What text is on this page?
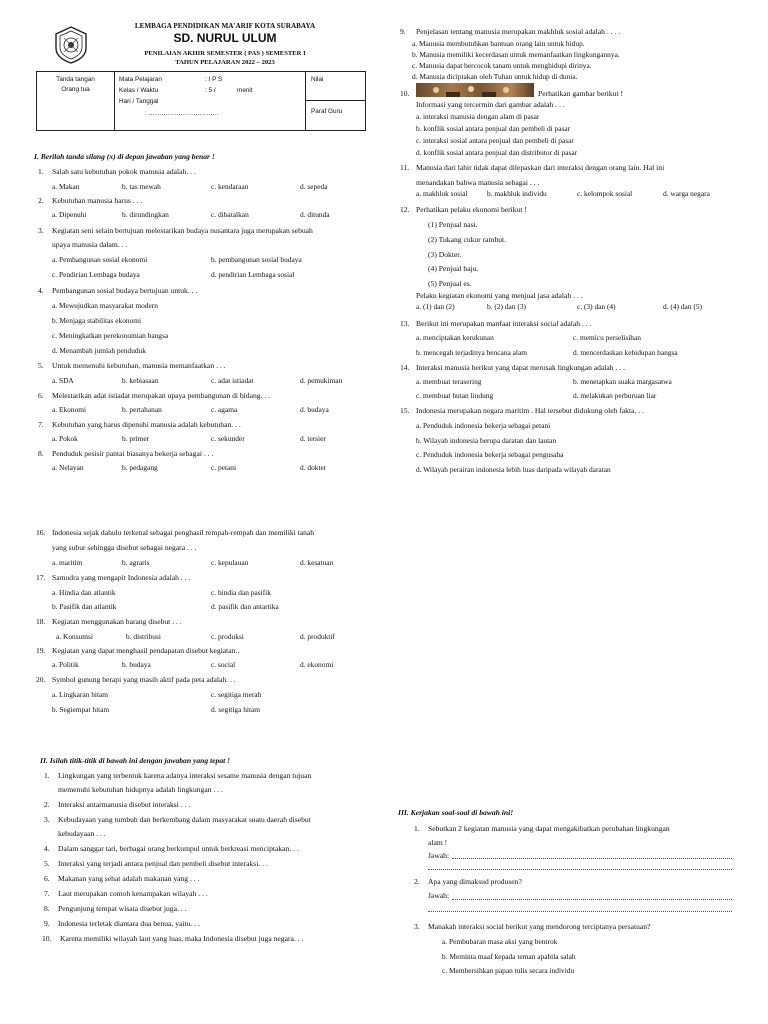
LEMBAGA PENDIDIKAN MA'ARIF KOTA SURABAYA
SD. NURUL ULUM
PENILAIAN AKHIR SEMESTER ( PAS ) SEMESTER I
TAHUN PELAJARAN 2022 – 2023
Tanda tangan
Orang tua
Mata Pelajaran	: I P S
Kelas / Waktu	: 5 /	menit
Hari / Tanggal
: ……………………………
Nilai
Paraf Guru
I. Berilah tanda silang (x) di depan jawaban yang benar !
1. Salah satu kebutuhan pokok manusia adalah. . .
a. Makan	b. tas mewah	c. kendaraan	d. sepeda
2. Kebutuhan manusia harus . . .
a. Dipenuhi	b. dirundingkan	c. dibatalkan	d. ditunda
3. Kegiatan seni selain bertujuan melestarikan budaya nusantara juga merupakan sebuah
upaya manusia dalam. . .
a. Pembangunan sosial ekonomi	b. pembangunan sosial budaya
c. Pendirian Lembaga budaya	d. pendirian Lembaga sosial
4. Pembangunan sosial budaya bertujuan untuk. . .
a. Mewujudkan masyarakat modern
b. Menjaga stabilitas ekonomi
c. Meningkatkan perekonomian bangsa
d. Menambah jumlah penduduk
5. Untuk memenuhi kebutuhan, manusia memanfaatkan . . .
a. SDA	b. kebiasaan	c. adat istiadat	d. pemukiman
6. Melestarikan adat istiadat merupakan upaya pembangunan di bidang. . .
a. Ekonomi	b. pertahanan	c. agama	d. budaya
7. Kebutuhan yang harus dipenuhi manusia adalah kebutuhan. . .
a. Pokok	b. primer	c. sekunder	d. tersier
8. Penduduk pesisir pantai biasanya bekerja sebagai . . .
a. Nelayan	b. pedagang	c. petani	d. dokter
9. Penjelasan tentang manusia merupakan makhluk sosial adalah . . . .
a. Manusia membutuhkan bantuan orang lain untuk hidup.
b. Manusia memiliki kecerdasan untuk memanfaatkan lingkungannya.
c. Manusia dapat bercocok tanam untuk menghidupi dirinya.
d. Manusia diciptakan oleh Tuhan untuk hidup di dunia.
10.	Perhatikan gambar berikut !
Informasi yang tercermin dari gambar adalah . . .
a. interaksi manusia dengan alam di pasar
b. konflik sosial antara penjual dan pembeli di pasar
c. interaksi sosial antara penjual dan pembeli di pasar
d. konflik sosial antara penjual dan distributor di pasar
11. Manusia dari lahir tidak dapat dilepaskan dari interaksi dengan orang lain. Hal ini
menandakan bahwa manusia sebagai . . .
a. makhluk sosial	b. makhluk individu	c. kelompok sosial	d. warga negara
12. Perhatikan pelaku ekonomi berikut !
(1) Penjual nasi.
(2) Tukang cukur rambut.
(3) Dokter.
(4) Penjual baju.
(5) Penjual es.
Pelaku kegiatan ekonomi yang menjual jasa adalah . . .
a. (1) dan (2)	b. (2) dan (3)	c. (3) dan (4)	d. (4) dan (5)
13. Berikut ini merupakan manfaat interaksi social adalah . . .
a. menciptakan kerukunan	c. memicu perselisihan
b. mencegah terjadinya bencana alam	d. mencerdaskan kehidupan bangsa
14. Interaksi manusia berikut yang dapat merusak lingkungan adalah . . .
a. membuat terasering	b. menetapkan suaka margasatwa
c. membuat hutan lindung	d. melakukan perburuan liar
15. Indonesia merupakan negara maritim . Hal tersebut didukung oleh fakta. . .
a. Penduduk indonesia bekerja sebagai petani
b. Wilayah indonesia berupa daratan dan lautan
c. Penduduk indonesia bekerja sebagai pengusaha
d. Wilayah perairan indonesia lebih luas daripada wilayah daratan
16. Indonesia sejak dahulu terkenal sebagai penghasil rempah-rempah dan memiliki tanah
yang subur sehingga disebut sebagai negara . . .
a. maritim	b. agraris	c. kepulauan	d. kesatuan
17. Samudra yang mengapit Indonesia adalah . . .
a. Hindia dan atlantik	c. hindia dan pasifik
b. Pasifik dan atlantik	d. pasifik dan antartika
18. Kegiatan menggunakan barang disebut . . .
a. Konsumsi	b. distribusi	c. produksi	d. produktif
19. Kegiatan yang dapat menghasil pendapatan disebut kegiatan..
a. Politik	b. budaya	c. social	d. ekonomi
20. Symbol gunung berapi yang masih aktif pada peta adalah. . .
a. Lingkaran hitam	c. segitiga merah
b. Segiempat hitam	d. segitiga hitam
II. Isilah titik-titik di bawah ini dengan jawaban yang tepat !
1. Lingkungan yang terbentuk karena adanya interaksi sesame manusia dengan tujuan
memenuhi kebutuhan hidupnya adalah lingkungan . . .
2. Interaksi antarmanusia disebut interaksi . . .
3. Kebudayaan yang tumbuh dan berkembang dalam masyarakat suatu daerah disebut
kebudayaan . . .
4. Dalam sanggar tari, berbagai orang berkumpul untuk berkreasi menciptakan. . .
5. Interaksi yang terjadi antara penjual dan pembeli disebut interaksi. . .
6. Makanan yang sehat adalah makanan yang . . .
7. Laut merupakan contoh kenampakan wilayah . . .
8. Pengunjung tempat wisata disebut juga. . .
9. Indonesia terletak diantara dua benua, yaitu. . .
10. Karena memiliki wilayah laut yang luas, maka Indonesia disebut juga negara. . .
III. Kerjakan soal-soal di bawah ini!
1. Sebutkan 2 kegiatan manusia yang dapat mengakibatkan perubahan lingkungan
alam !
Jawab:
2. Apa yang dimaksud produsen?
Jawab:
3. Manakah interaksi social berikut yang mendorong terciptanya persatuan?
a. Pembubaran masa aksi yang bentrok
b. Meminta maaf kepada teman apabila salah
c. Membersihkan papan tulis secara individu
